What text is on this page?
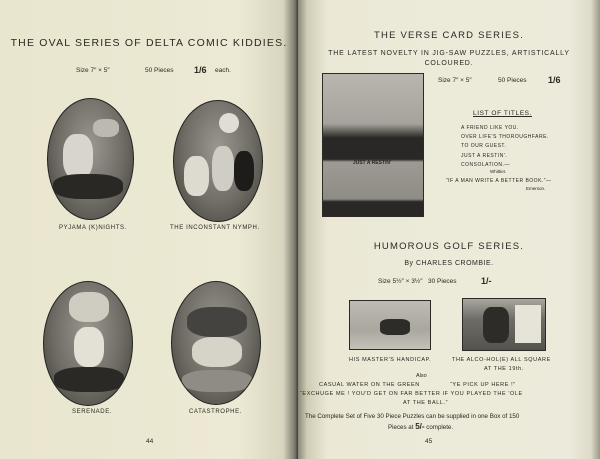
THE OVAL SERIES OF DELTA COMIC KIDDIES.
Size 7″ × 5″	50 Pieces 1/6 each.
PYJAMA (K)NIGHTS.	THE INCONSTANT NYMPH.
SERENADE.	CATASTROPHE.
44
THE VERSE CARD SERIES.
THE LATEST NOVELTY IN JIG-SAW PUZZLES, ARTISTICALLY
COLOURED.
JUST A RESTIN'
Size 7″ × 5″	50 Pieces 1/6
LIST OF TITLES.
A FRIEND LIKE YOU.
OVER LIFE'S THOROUGHFARE.
TO OUR GUEST.
JUST A RESTIN'.
CONSOLATION.—
Whittier.
“IF A MAN WRITE A BETTER BOOK.”—
Emerson.
HUMOROUS GOLF SERIES.
By CHARLES CROMBIE.
Size 5½″ × 3½″ 30 Pieces	1/-
HIS MASTER'S HANDICAP.	THE ALCO-HOL(E) ALL SQUARE
AT THE 19th.
Also
CASUAL WATER ON THE GREEN	“YE PICK UP HERE !”
“EXCHUGE ME ! YOU'D GET ON FAR BETTER IF YOU PLAYED THE 'OLE
AT THE BALL.”
The Complete Set of Five 30 Piece Puzzles can be supplied in one Box of 150
Pieces at 5/- complete.
45
